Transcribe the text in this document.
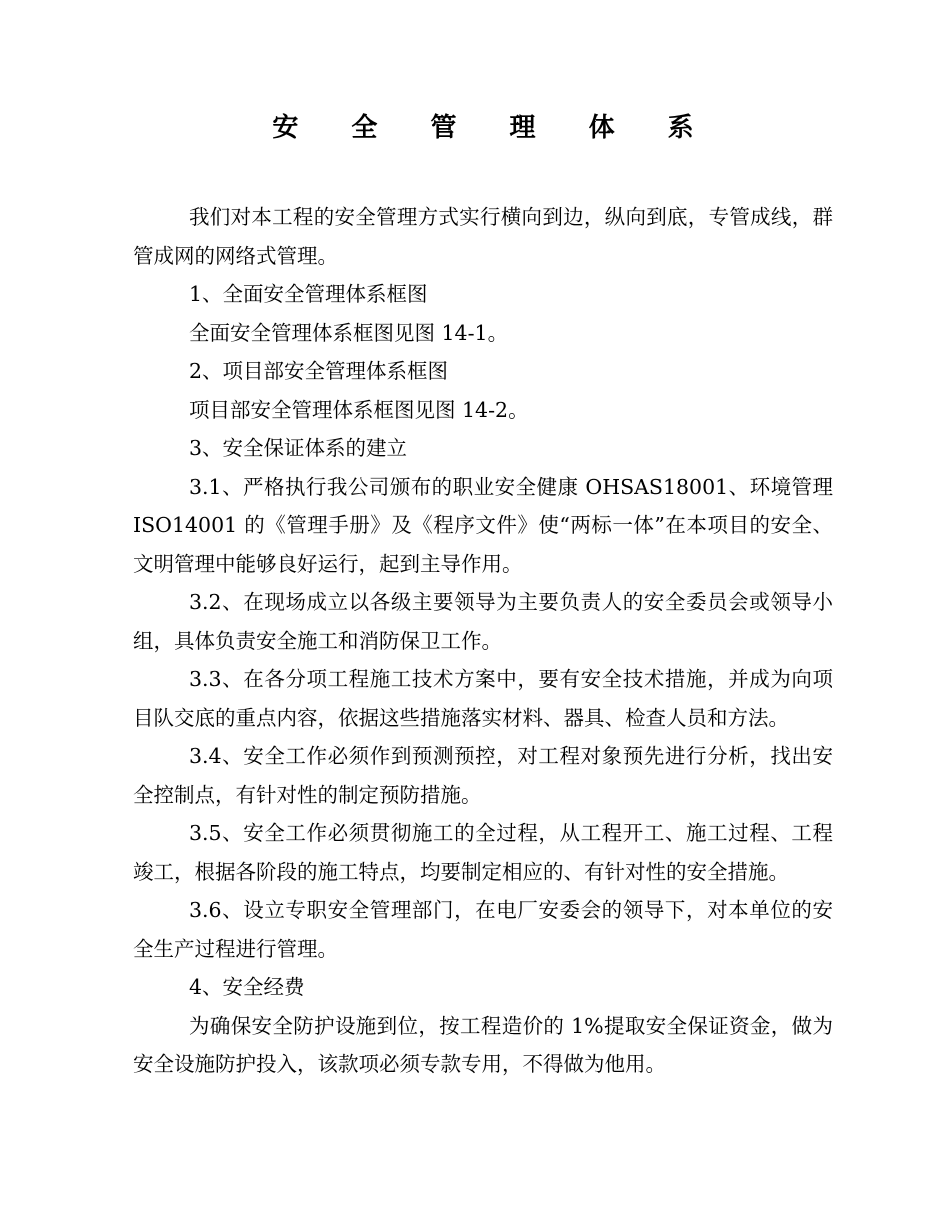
安 全 管 理 体 系

我们对本工程的安全管理方式实行横向到边，纵向到底，专管成线，群管成网的网络式管理。

1、全面安全管理体系框图

全面安全管理体系框图见图 14-1。

2、项目部安全管理体系框图

项目部安全管理体系框图见图 14-2。

3、安全保证体系的建立

3.1、严格执行我公司颁布的职业安全健康 OHSAS18001、环境管理 ISO14001 的《管理手册》及《程序文件》使“两标一体”在本项目的安全、文明管理中能够良好运行，起到主导作用。

3.2、在现场成立以各级主要领导为主要负责人的安全委员会或领导小组，具体负责安全施工和消防保卫工作。

3.3、在各分项工程施工技术方案中，要有安全技术措施，并成为向项目队交底的重点内容，依据这些措施落实材料、器具、检查人员和方法。

3.4、安全工作必须作到预测预控，对工程对象预先进行分析，找出安全控制点，有针对性的制定预防措施。

3.5、安全工作必须贯彻施工的全过程，从工程开工、施工过程、工程竣工，根据各阶段的施工特点，均要制定相应的、有针对性的安全措施。

3.6、设立专职安全管理部门，在电厂安委会的领导下，对本单位的安全生产过程进行管理。

4、安全经费

为确保安全防护设施到位，按工程造价的 1%提取安全保证资金，做为安全设施防护投入，该款项必须专款专用，不得做为他用。
